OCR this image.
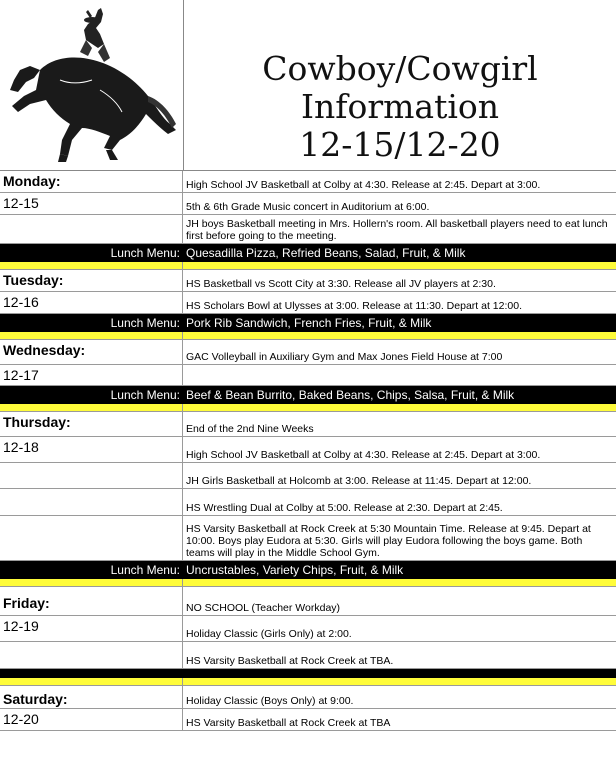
Cowboy/Cowgirl
Information
12-15/12-20
Monday:	High School JV Basketball at Colby at 4:30. Release at 2:45. Depart at 3:00.
12-15	5th & 6th Grade Music concert in Auditorium at 6:00.
JH boys Basketball meeting in Mrs. Hollern's room. All basketball players need to eat lunch first before going to the meeting.
Lunch Menu: Quesadilla Pizza, Refried Beans, Salad, Fruit, & Milk
Tuesday:	HS Basketball vs Scott City at 3:30. Release all JV players at 2:30.
12-16	HS Scholars Bowl at Ulysses at 3:00. Release at 11:30. Depart at 12:00.
Lunch Menu: Pork Rib Sandwich, French Fries, Fruit, & Milk
Wednesday:	GAC Volleyball in Auxiliary Gym and Max Jones Field House at 7:00
12-17
Lunch Menu: Beef & Bean Burrito, Baked Beans, Chips, Salsa, Fruit, & Milk
Thursday:	End of the 2nd Nine Weeks
12-18	High School JV Basketball at Colby at 4:30. Release at 2:45. Depart at 3:00.
JH Girls Basketball at Holcomb at 3:00. Release at 11:45. Depart at 12:00.
HS Wrestling Dual at Colby at 5:00. Release at 2:30. Depart at 2:45.
HS Varsity Basketball at Rock Creek at 5:30 Mountain Time. Release at 9:45. Depart at 10:00. Boys play Eudora at 5:30. Girls will play Eudora following the boys game. Both teams will play in the Middle School Gym.
Lunch Menu: Uncrustables, Variety Chips, Fruit, & Milk
Friday:	NO SCHOOL (Teacher Workday)
12-19	Holiday Classic (Girls Only) at 2:00.
HS Varsity Basketball at Rock Creek at TBA.
Saturday:	Holiday Classic (Boys Only) at 9:00.
12-20	HS Varsity Basketball at Rock Creek at TBA
